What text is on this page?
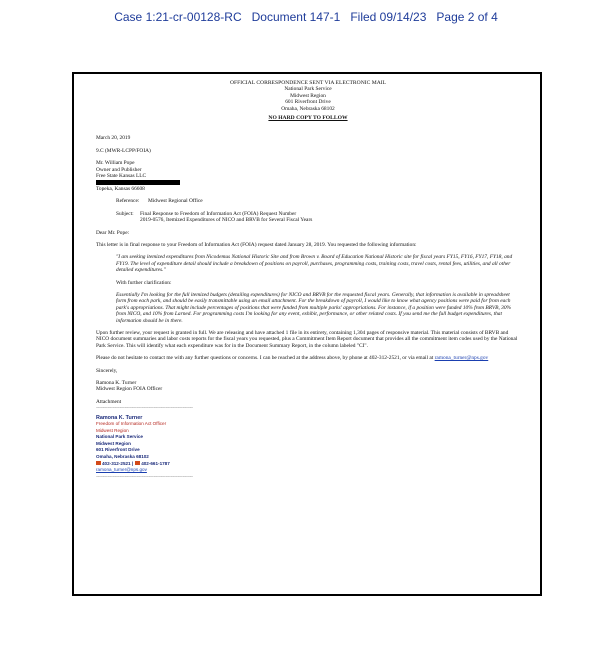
Case 1:21-cr-00128-RC   Document 147-1   Filed 09/14/23   Page 2 of 4
OFFICIAL CORRESPONDENCE SENT VIA ELECTRONIC MAIL
National Park Service
Midwest Region
601 Riverfront Drive
Omaha, Nebraska 68102
NO HARD COPY TO FOLLOW
March 20, 2019
9.C (MWR-LCPP/FOIA)
Mr. William Pope
Owner and Publisher
Free State Kansas LLC
Topeka, Kansas 66608
Reference:	Midwest Regional Office
Subject:	Final Response to Freedom of Information Act (FOIA) Request Number
2019-0576, Itemized Expenditures of NICO and BRVB for Several Fiscal Years
Dear Mr. Pope:
This letter is in final response to your Freedom of Information Act (FOIA) request dated January 28, 2019. You requested the following information:
"I am seeking itemized expenditures from Nicodemus National Historic Site and from Brown v. Board of Education National Historic site for fiscal years FY15, FY16, FY17, FY18, and FY19. The level of expenditure detail should include a breakdown of positions on payroll, purchases, programming costs, training costs, travel costs, rental fees, utilities, and all other detailed expenditures."
With further clarification:
Essentially I'm looking for the full itemized budgets (detailing expenditures) for NICO and BRVB for the requested fiscal years. Generally, that information is available in spreadsheet form from each park, and should be easily transmittable using an email attachment. For the breakdown of payroll, I would like to know what agency positions were paid for from each park's appropriations. That might include percentages of positions that were funded from multiple parks' appropriations. For instance, if a position were funded 10% from BRVB, 30% from NICO, and 10% from Larned. For programming costs I'm looking for any event, exhibit, performance, or other related costs. If you send me the full budget expenditures, that information should be in there.
Upon further review, your request is granted in full. We are releasing and have attached 1 file in its entirety, containing 1,304 pages of responsive material. This material consists of BRVB and NICO document summaries and labor costs reports for the fiscal years you requested, plus a Commitment Item Report document that provides all the commitment item codes used by the National Park Service. This will identify what each expenditure was for in the Document Summary Report, in the column labeled "CI".
Please do not hesitate to contact me with any further questions or concerns. I can be reached at the address above, by phone at 402-312-2521, or via email at ramona_turner@nps.gov
Sincerely,
Ramona K. Turner
Midwest Region FOIA Officer
Attachment
~~~~~~~~~~~~~~~~~~~~~~~~~~~~~~~~~~~~~~~~
Ramona K. Turner
Freedom of Information Act Officer
Midwest Region
National Park Service
Midwest Region
601 Riverfront Drive
Omaha, Nebraska 68102
402-312-2521 | 402-661-1787
ramona_turner@nps.gov
~~~~~~~~~~~~~~~~~~~~~~~~~~~~~~~~~~~~~~~~
